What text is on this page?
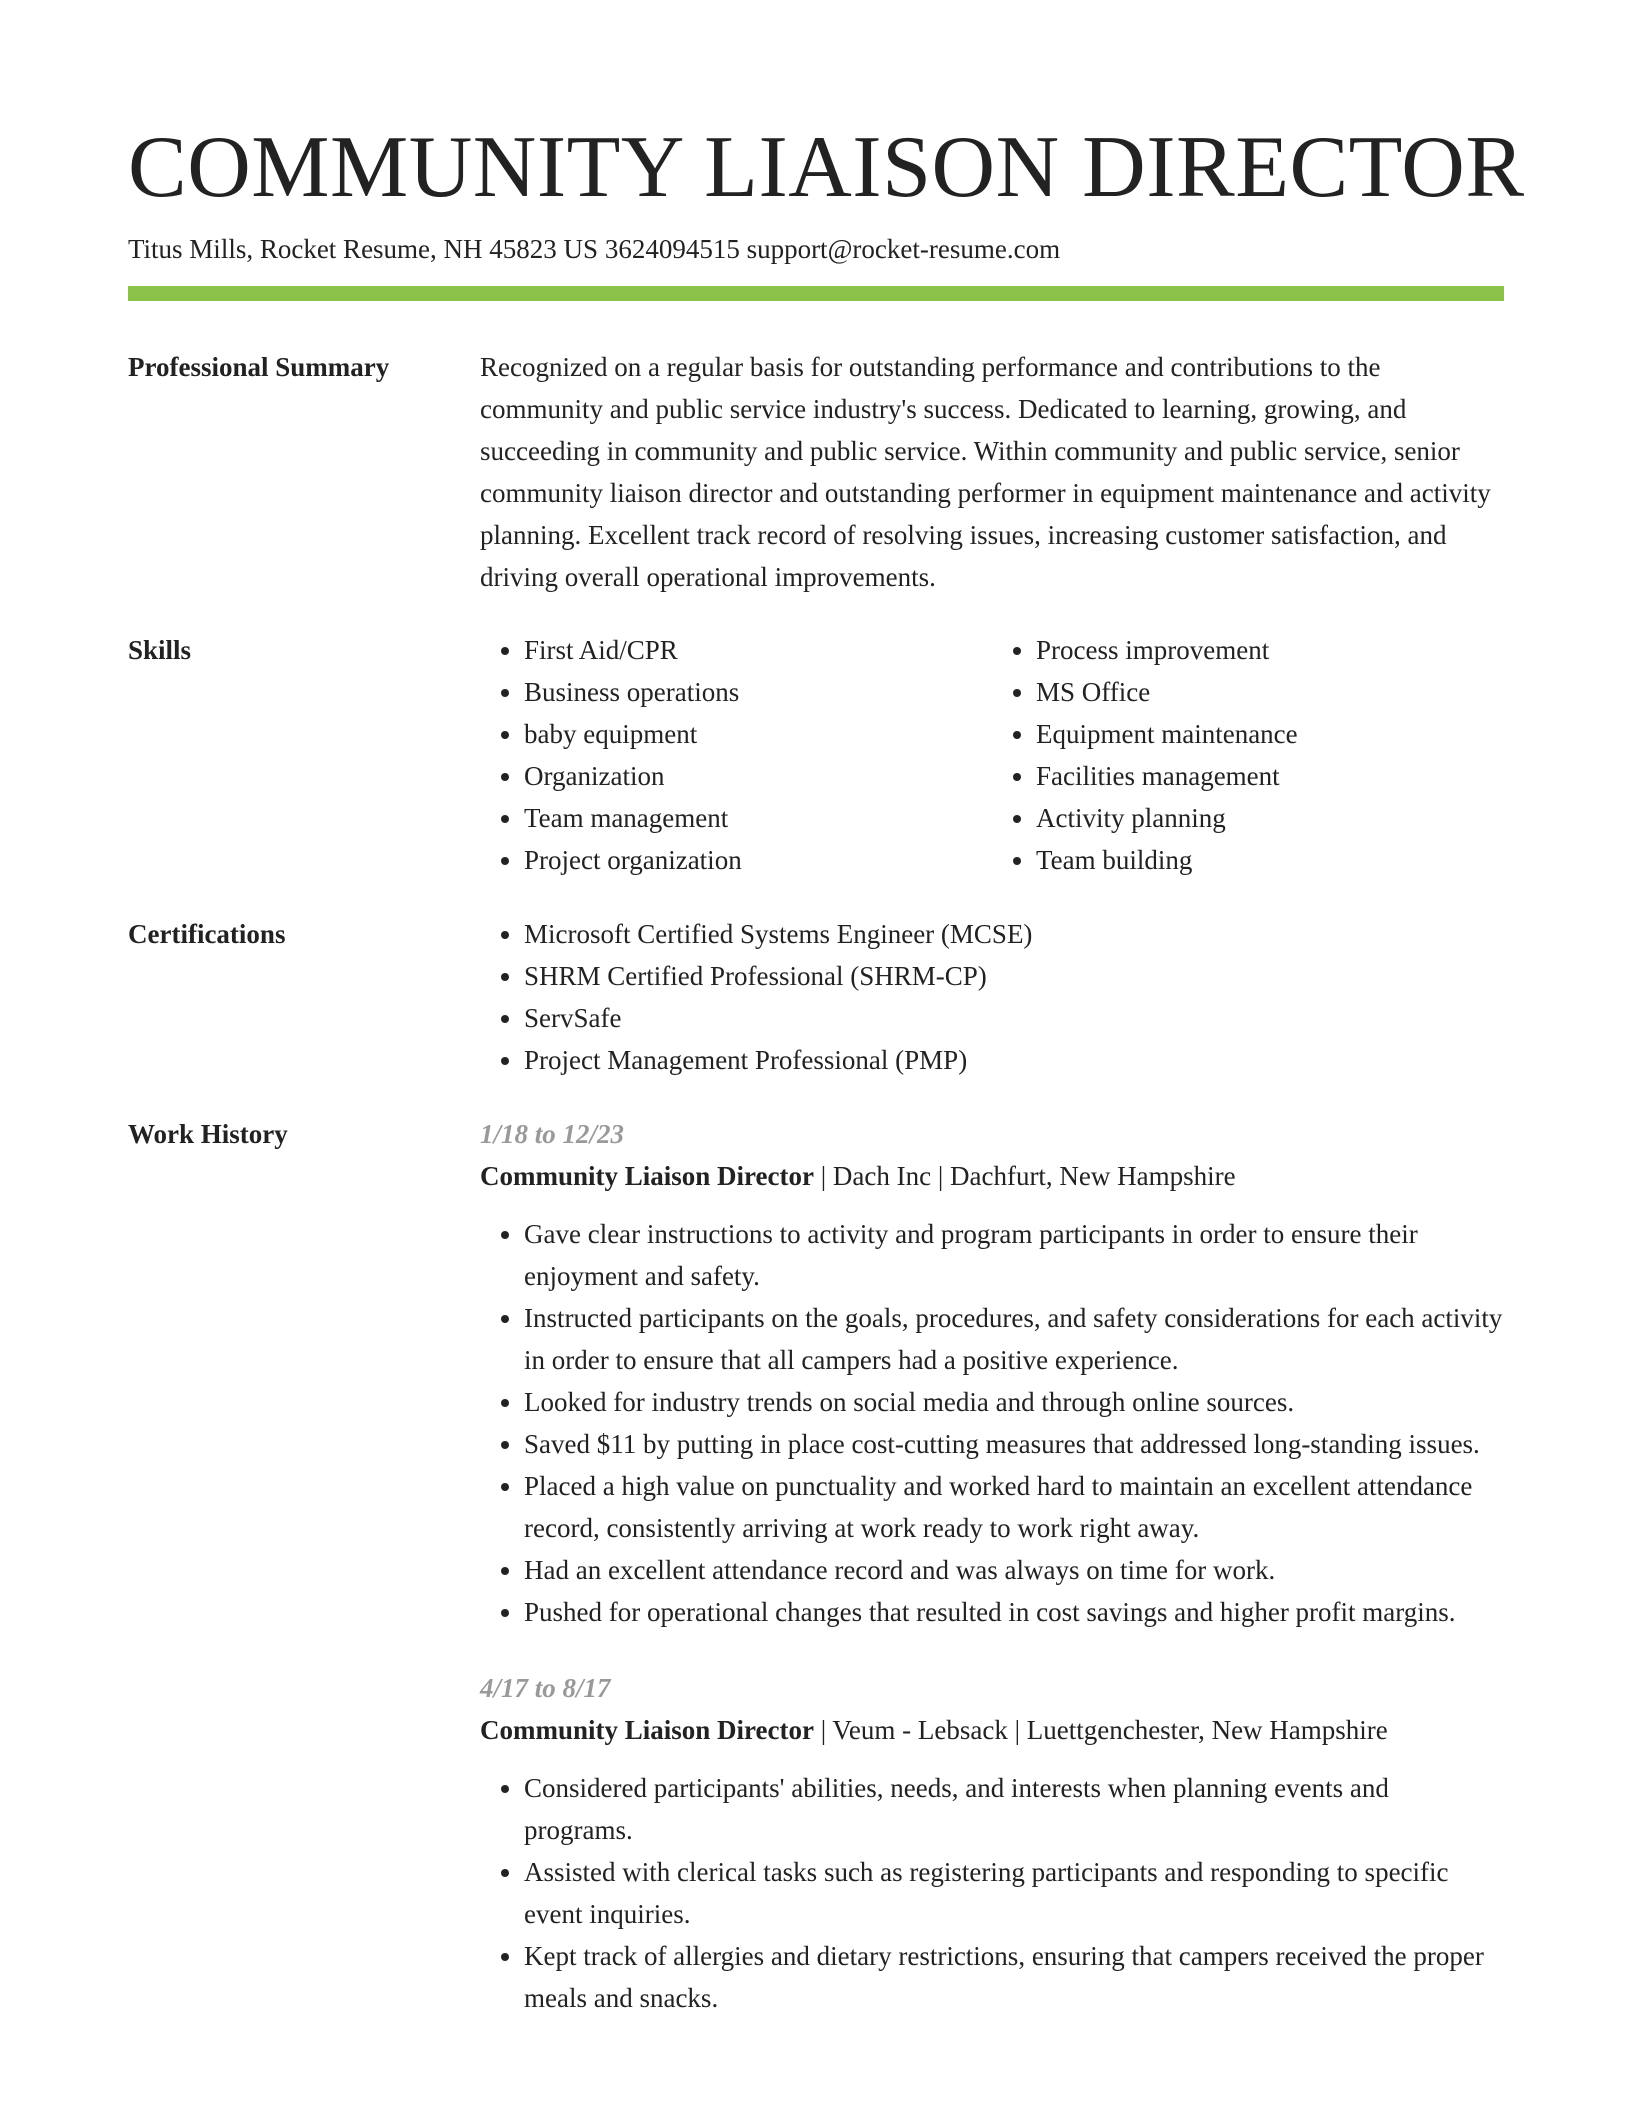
COMMUNITY LIAISON DIRECTOR
Titus Mills, Rocket Resume, NH 45823 US 3624094515 support@rocket-resume.com
Professional Summary	Recognized on a regular basis for outstanding performance and contributions to the community and public service industry's success. Dedicated to learning, growing, and succeeding in community and public service. Within community and public service, senior community liaison director and outstanding performer in equipment maintenance and activity planning. Excellent track record of resolving issues, increasing customer satisfaction, and driving overall operational improvements.

Skills	• First Aid/CPR
• Business operations
• baby equipment
• Organization
• Team management
• Project organization
• Process improvement
• MS Office
• Equipment maintenance
• Facilities management
• Activity planning
• Team building
Certifications	• Microsoft Certified Systems Engineer (MCSE)
• SHRM Certified Professional (SHRM-CP)
• ServSafe
• Project Management Professional (PMP)
Work History	1/18 to 12/23
Community Liaison Director | Dach Inc | Dachfurt, New Hampshire
• Gave clear instructions to activity and program participants in order to ensure their enjoyment and safety.
• Instructed participants on the goals, procedures, and safety considerations for each activity in order to ensure that all campers had a positive experience.
• Looked for industry trends on social media and through online sources.
• Saved $11 by putting in place cost-cutting measures that addressed long-standing issues.
• Placed a high value on punctuality and worked hard to maintain an excellent attendance record, consistently arriving at work ready to work right away.
• Had an excellent attendance record and was always on time for work.
• Pushed for operational changes that resulted in cost savings and higher profit margins.
4/17 to 8/17
Community Liaison Director | Veum - Lebsack | Luettgenchester, New Hampshire
• Considered participants' abilities, needs, and interests when planning events and programs.
• Assisted with clerical tasks such as registering participants and responding to specific event inquiries.
• Kept track of allergies and dietary restrictions, ensuring that campers received the proper meals and snacks.
